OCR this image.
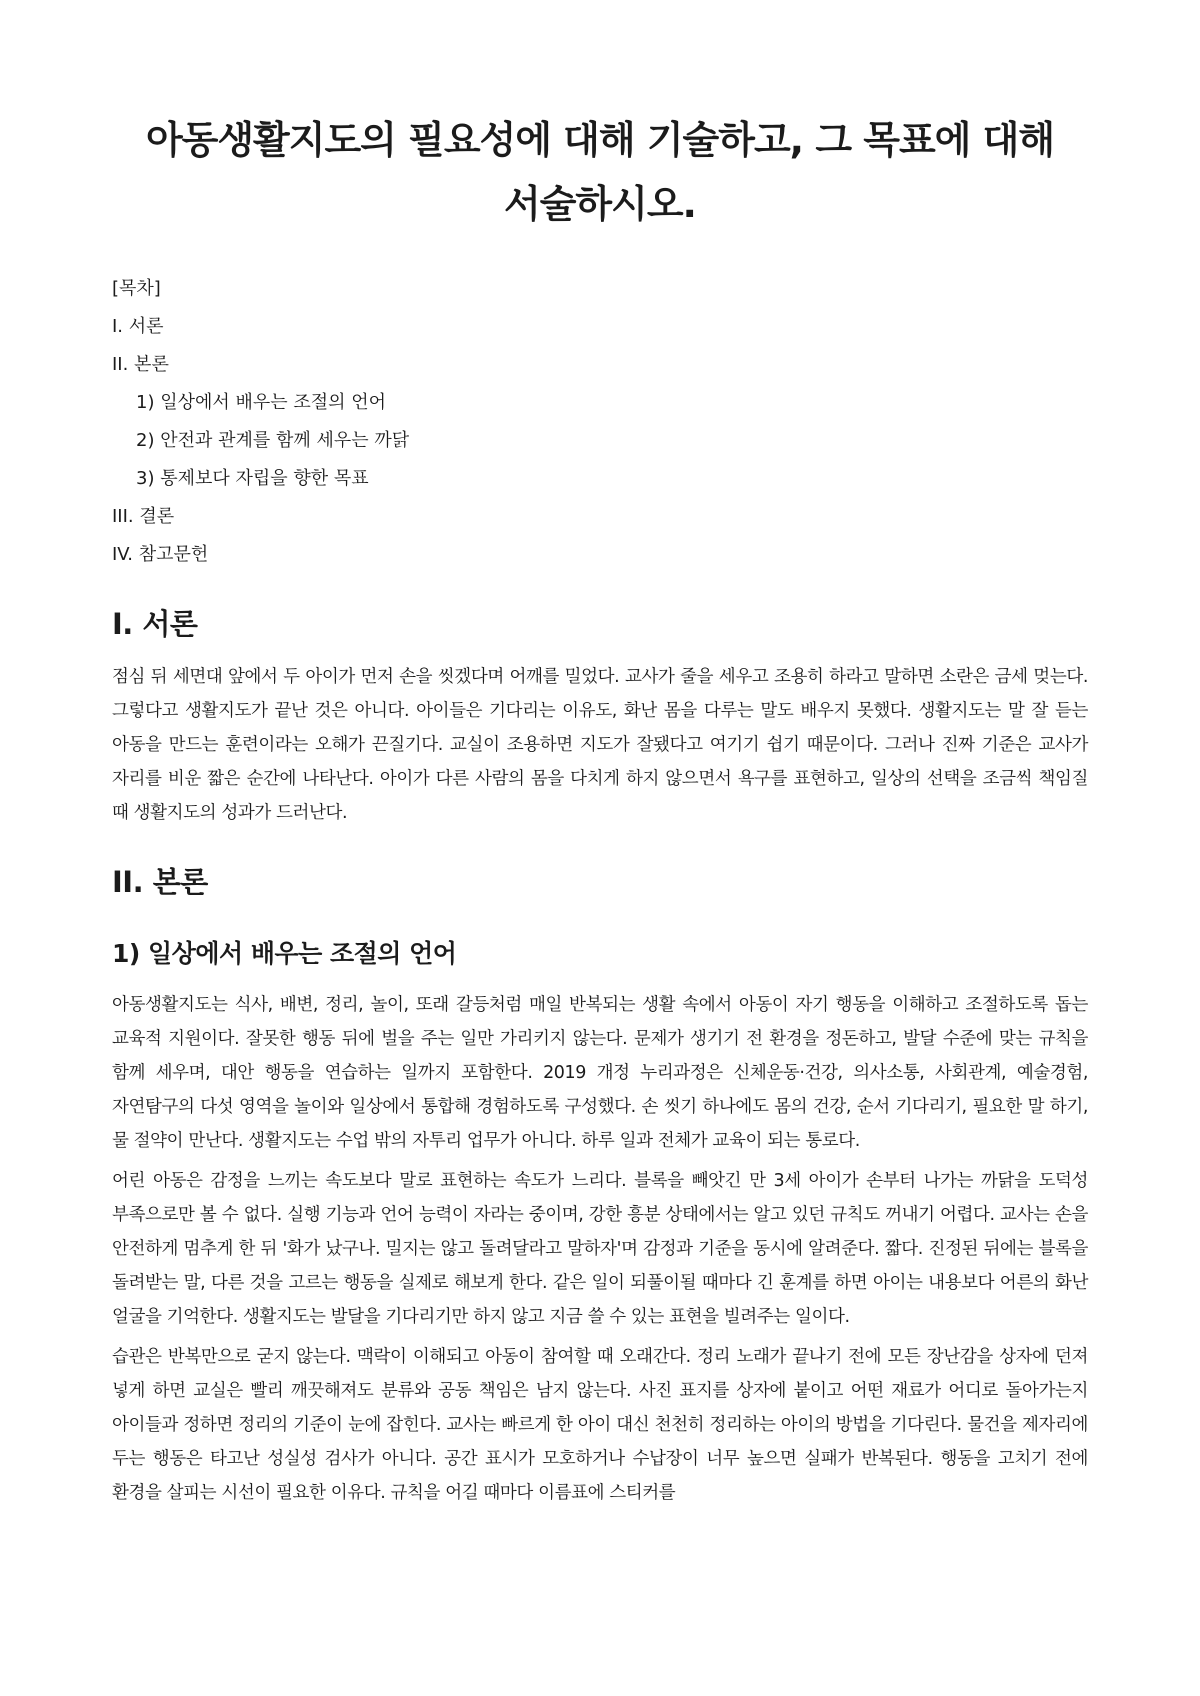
아동생활지도의 필요성에 대해 기술하고, 그 목표에 대해 서술하시오.
[목차]
I. 서론
II. 본론
1) 일상에서 배우는 조절의 언어
2) 안전과 관계를 함께 세우는 까닭
3) 통제보다 자립을 향한 목표
III. 결론
IV. 참고문헌
I. 서론

점심 뒤 세면대 앞에서 두 아이가 먼저 손을 씻겠다며 어깨를 밀었다. 교사가 줄을 세우고 조용히 하라고 말하면 소란은 금세 멎는다. 그렇다고 생활지도가 끝난 것은 아니다. 아이들은 기다리는 이유도, 화난 몸을 다루는 말도 배우지 못했다. 생활지도는 말 잘 듣는 아동을 만드는 훈련이라는 오해가 끈질기다. 교실이 조용하면 지도가 잘됐다고 여기기 쉽기 때문이다. 그러나 진짜 기준은 교사가 자리를 비운 짧은 순간에 나타난다. 아이가 다른 사람의 몸을 다치게 하지 않으면서 욕구를 표현하고, 일상의 선택을 조금씩 책임질 때 생활지도의 성과가 드러난다.

II. 본론
1) 일상에서 배우는 조절의 언어

아동생활지도는 식사, 배변, 정리, 놀이, 또래 갈등처럼 매일 반복되는 생활 속에서 아동이 자기 행동을 이해하고 조절하도록 돕는 교육적 지원이다. 잘못한 행동 뒤에 벌을 주는 일만 가리키지 않는다. 문제가 생기기 전 환경을 정돈하고, 발달 수준에 맞는 규칙을 함께 세우며, 대안 행동을 연습하는 일까지 포함한다. 2019 개정 누리과정은 신체운동·건강, 의사소통, 사회관계, 예술경험, 자연탐구의 다섯 영역을 놀이와 일상에서 통합해 경험하도록 구성했다. 손 씻기 하나에도 몸의 건강, 순서 기다리기, 필요한 말 하기, 물 절약이 만난다. 생활지도는 수업 밖의 자투리 업무가 아니다. 하루 일과 전체가 교육이 되는 통로다.

어린 아동은 감정을 느끼는 속도보다 말로 표현하는 속도가 느리다. 블록을 빼앗긴 만 3세 아이가 손부터 나가는 까닭을 도덕성 부족으로만 볼 수 없다. 실행 기능과 언어 능력이 자라는 중이며, 강한 흥분 상태에서는 알고 있던 규칙도 꺼내기 어렵다. 교사는 손을 안전하게 멈추게 한 뒤 '화가 났구나. 밀지는 않고 돌려달라고 말하자'며 감정과 기준을 동시에 알려준다. 짧다. 진정된 뒤에는 블록을 돌려받는 말, 다른 것을 고르는 행동을 실제로 해보게 한다. 같은 일이 되풀이될 때마다 긴 훈계를 하면 아이는 내용보다 어른의 화난 얼굴을 기억한다. 생활지도는 발달을 기다리기만 하지 않고 지금 쓸 수 있는 표현을 빌려주는 일이다.

습관은 반복만으로 굳지 않는다. 맥락이 이해되고 아동이 참여할 때 오래간다. 정리 노래가 끝나기 전에 모든 장난감을 상자에 던져 넣게 하면 교실은 빨리 깨끗해져도 분류와 공동 책임은 남지 않는다. 사진 표지를 상자에 붙이고 어떤 재료가 어디로 돌아가는지 아이들과 정하면 정리의 기준이 눈에 잡힌다. 교사는 빠르게 한 아이 대신 천천히 정리하는 아이의 방법을 기다린다. 물건을 제자리에 두는 행동은 타고난 성실성 검사가 아니다. 공간 표시가 모호하거나 수납장이 너무 높으면 실패가 반복된다. 행동을 고치기 전에 환경을 살피는 시선이 필요한 이유다. 규칙을 어길 때마다 이름표에 스티커를
